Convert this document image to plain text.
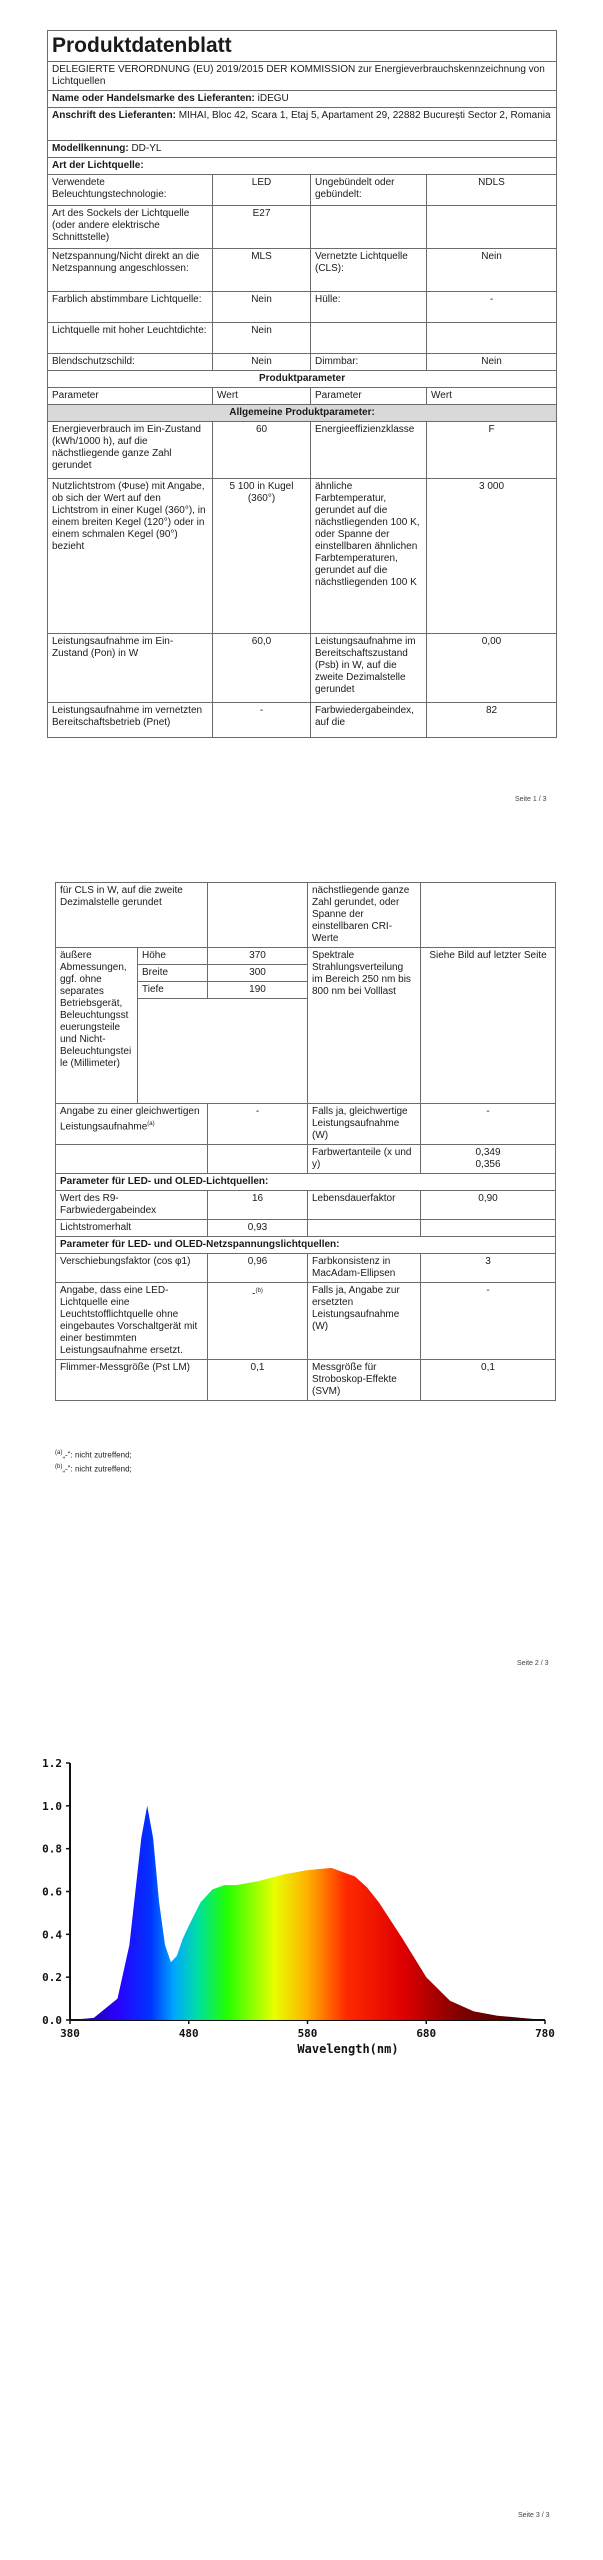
Produktdatenblatt			
DELEGIERTE VERORDNUNG (EU) 2019/2015 DER KOMMISSION zur Energieverbrauchskennzeichnung von Lichtquellen			
Name oder Handelsmarke des Lieferanten: iDEGU			
Anschrift des Lieferanten: MIHAI, Bloc 42, Scara 1, Etaj 5, Apartament 29, 22882 București Sector 2, Romania			
Modellkennung: DD-YL			
Art der Lichtquelle:			
Verwendete Beleuchtungstechnologie:	LED	Ungebündelt oder gebündelt:	NDLS
Art des Sockels der Lichtquelle (oder andere elektrische Schnittstelle)	E27		
Netzspannung/Nicht direkt an die Netzspannung angeschlossen:	MLS	Vernetzte Lichtquelle (CLS):	Nein
Farblich abstimmbare Lichtquelle:	Nein	Hülle:	-
Lichtquelle mit hoher Leuchtdichte:	Nein		
Blendschutzschild:	Nein	Dimmbar:	Nein
Produktparameter			
Parameter	Wert	Parameter	Wert
Allgemeine Produktparameter:			
Energieverbrauch im Ein-Zustand (kWh/1000 h), auf die nächstliegende ganze Zahl gerundet	60	Energieeffizienzklasse	F
Nutzlichtstrom (Φuse) mit Angabe, ob sich der Wert auf den Lichtstrom in einer Kugel (360°), in einem breiten Kegel (120°) oder in einem schmalen Kegel (90°) bezieht	5 100 in Kugel (360°)	ähnliche Farbtemperatur, gerundet auf die nächstliegenden 100 K, oder Spanne der einstellbaren ähnlichen Farbtemperaturen, gerundet auf die nächstliegenden 100 K	3 000
Leistungsaufnahme im Ein-Zustand (Pon) in W	60,0	Leistungsaufnahme im Bereitschaftszustand (Psb) in W, auf die zweite Dezimalstelle gerundet	0,00
Leistungsaufnahme im vernetzten Bereitschaftsbetrieb (Pnet)	-	Farbwiedergabeindex, auf die	82
Seite 1 / 3
für CLS in W, auf die zweite Dezimalstelle gerundet			nächstliegende ganze Zahl gerundet, oder Spanne der einstellbaren CRI-Werte	
äußere Abmessungen, ggf. ohne separates Betriebsgerät, Beleuchtungssteuerungsteile und Nicht-Beleuchtungsteile (Millimeter)	Höhe	370	Spektrale Strahlungsverteilung im Bereich 250 nm bis 800 nm bei Volllast	Siehe Bild auf letzter Seite
	Breite	300		
	Tiefe	190		

Angabe zu einer gleichwertigen Leistungsaufnahme$^{(a)}$		-	Falls ja, gleichwertige Leistungsaufnahme (W)	-
			Farbwertanteile (x und y)	0,349
0,356
Parameter für LED- und OLED-Lichtquellen:				
Wert des R9-Farbwiedergabeindex		16	Lebensdauerfaktor	0,90
Lichtstromerhalt		0,93		
Parameter für LED- und OLED-Netzspannungslichtquellen:				
Verschiebungsfaktor (cos φ1)		0,96	Farbkonsistenz in MacAdam-Ellipsen	3
Angabe, dass eine LED-Lichtquelle eine Leuchtstofflichtquelle ohne eingebautes Vorschaltgerät mit einer bestimmten Leistungsaufnahme ersetzt.		-$^{(b)}$	Falls ja, Angabe zur ersetzten Leistungsaufnahme (W)	-
Flimmer-Messgröße (Pst LM)		0,1	Messgröße für Stroboskop-Effekte (SVM)	0,1
$^{(a)}$„-": nicht zutreffend;
$^{(b)}$„-": nicht zutreffend;
Seite 2 / 3
0.0
0.2
0.4
0.6
0.8
1.0
1.2
380	480	580	680	780
Wavelength(nm)
Seite 3 / 3
